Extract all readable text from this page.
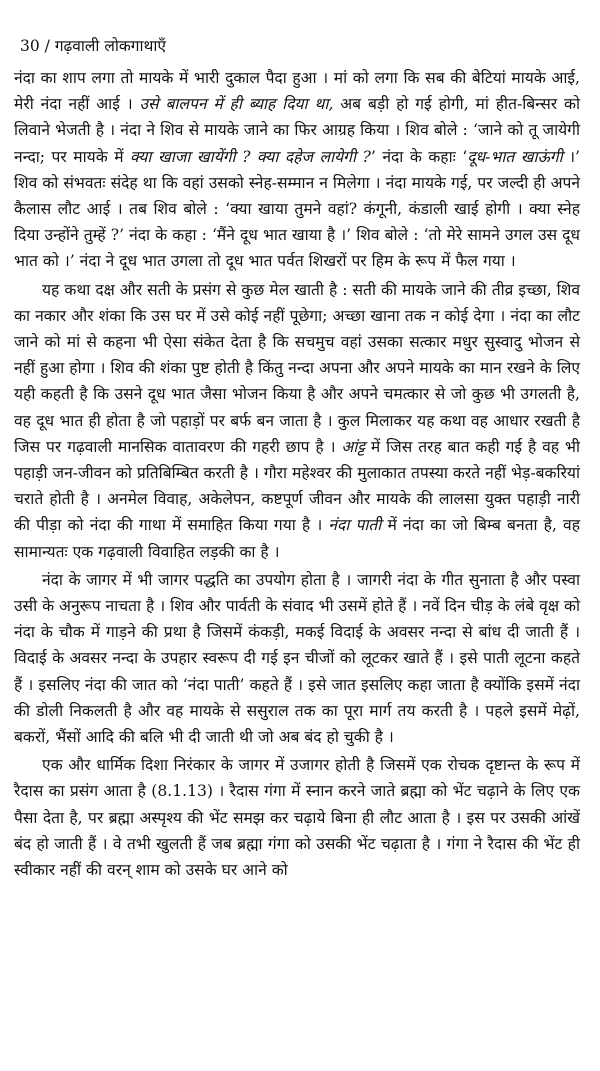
30 / गढ़वाली लोकगाथाएँ

नंदा का शाप लगा तो मायके में भारी दुकाल पैदा हुआ । मां को लगा कि सब की बेटियां मायके आई, मेरी नंदा नहीं आई । उसे बालपन में ही ब्याह दिया था, अब बड़ी हो गई होगी, मां हीत-बिन्सर को लिवाने भेजती है । नंदा ने शिव से मायके जाने का फिर आग्रह किया । शिव बोले : ‘जाने को तू जायेगी नन्दा; पर मायके में क्या खाजा खायेंगी ? क्या दहेज लायेगी ?’ नंदा के कहाः ‘दूध-भात खाऊंगी ।’ शिव को संभवतः संदेह था कि वहां उसको स्नेह-सम्मान न मिलेगा । नंदा मायके गई, पर जल्दी ही अपने कैलास लौट आई । तब शिव बोले : ‘क्या खाया तुमने वहां? कंगूनी, कंडाली खाई होगी । क्या स्नेह दिया उन्होंने तुम्हें ?’ नंदा के कहा : ‘मैंने दूध भात खाया है ।’ शिव बोले : ‘तो मेरे सामने उगल उस दूध भात को ।’ नंदा ने दूध भात उगला तो दूध भात पर्वत शिखरों पर हिम के रूप में फैल गया ।

यह कथा दक्ष और सती के प्रसंग से कुछ मेल खाती है : सती की मायके जाने की तीव्र इच्छा, शिव का नकार और शंका कि उस घर में उसे कोई नहीं पूछेगा; अच्छा खाना तक न कोई देगा । नंदा का लौट जाने को मां से कहना भी ऐसा संकेत देता है कि सचमुच वहां उसका सत्कार मधुर सुस्वादु भोजन से नहीं हुआ होगा । शिव की शंका पुष्ट होती है किंतु नन्दा अपना और अपने मायके का मान रखने के लिए यही कहती है कि उसने दूध भात जैसा भोजन किया है और अपने चमत्कार से जो कुछ भी उगलती है, वह दूध भात ही होता है जो पहाड़ों पर बर्फ बन जाता है । कुल मिलाकर यह कथा वह आधार रखती है जिस पर गढ़वाली मानसिक वातावरण की गहरी छाप है । आंट्ट में जिस तरह बात कही गई है वह भी पहाड़ी जन-जीवन को प्रतिबिम्बित करती है । गौरा महेश्वर की मुलाकात तपस्या करते नहीं भेड़-बकरियां चराते होती है । अनमेल विवाह, अकेलेपन, कष्टपूर्ण जीवन और मायके की लालसा युक्त पहाड़ी नारी की पीड़ा को नंदा की गाथा में समाहित किया गया है । नंदा पाती में नंदा का जो बिम्ब बनता है, वह सामान्यतः एक गढ़वाली विवाहित लड़की का है ।

नंदा के जागर में भी जागर पद्धति का उपयोग होता है । जागरी नंदा के गीत सुनाता है और पस्वा उसी के अनुरूप नाचता है । शिव और पार्वती के संवाद भी उसमें होते हैं । नवें दिन चीड़ के लंबे वृक्ष को नंदा के चौक में गाड़ने की प्रथा है जिसमें कंकड़ी, मकई विदाई के अवसर नन्दा से बांध दी जाती हैं । विदाई के अवसर नन्दा के उपहार स्वरूप दी गई इन चीजों को लूटकर खाते हैं । इसे पाती लूटना कहते हैं । इसलिए नंदा की जात को ‘नंदा पाती’ कहते हैं । इसे जात इसलिए कहा जाता है क्योंकि इसमें नंदा की डोली निकलती है और वह मायके से ससुराल तक का पूरा मार्ग तय करती है । पहले इसमें मेढ़ों, बकरों, भैंसों आदि की बलि भी दी जाती थी जो अब बंद हो चुकी है ।

एक और धार्मिक दिशा निरंकार के जागर में उजागर होती है जिसमें एक रोचक दृष्टान्त के रूप में रैदास का प्रसंग आता है (8.1.13) । रैदास गंगा में स्नान करने जाते ब्रह्मा को भेंट चढ़ाने के लिए एक पैसा देता है, पर ब्रह्मा अस्पृश्य की भेंट समझ कर चढ़ाये बिना ही लौट आता है । इस पर उसकी आंखें बंद हो जाती हैं । वे तभी खुलती हैं जब ब्रह्मा गंगा को उसकी भेंट चढ़ाता है । गंगा ने रैदास की भेंट ही स्वीकार नहीं की वरन् शाम को उसके घर आने को
